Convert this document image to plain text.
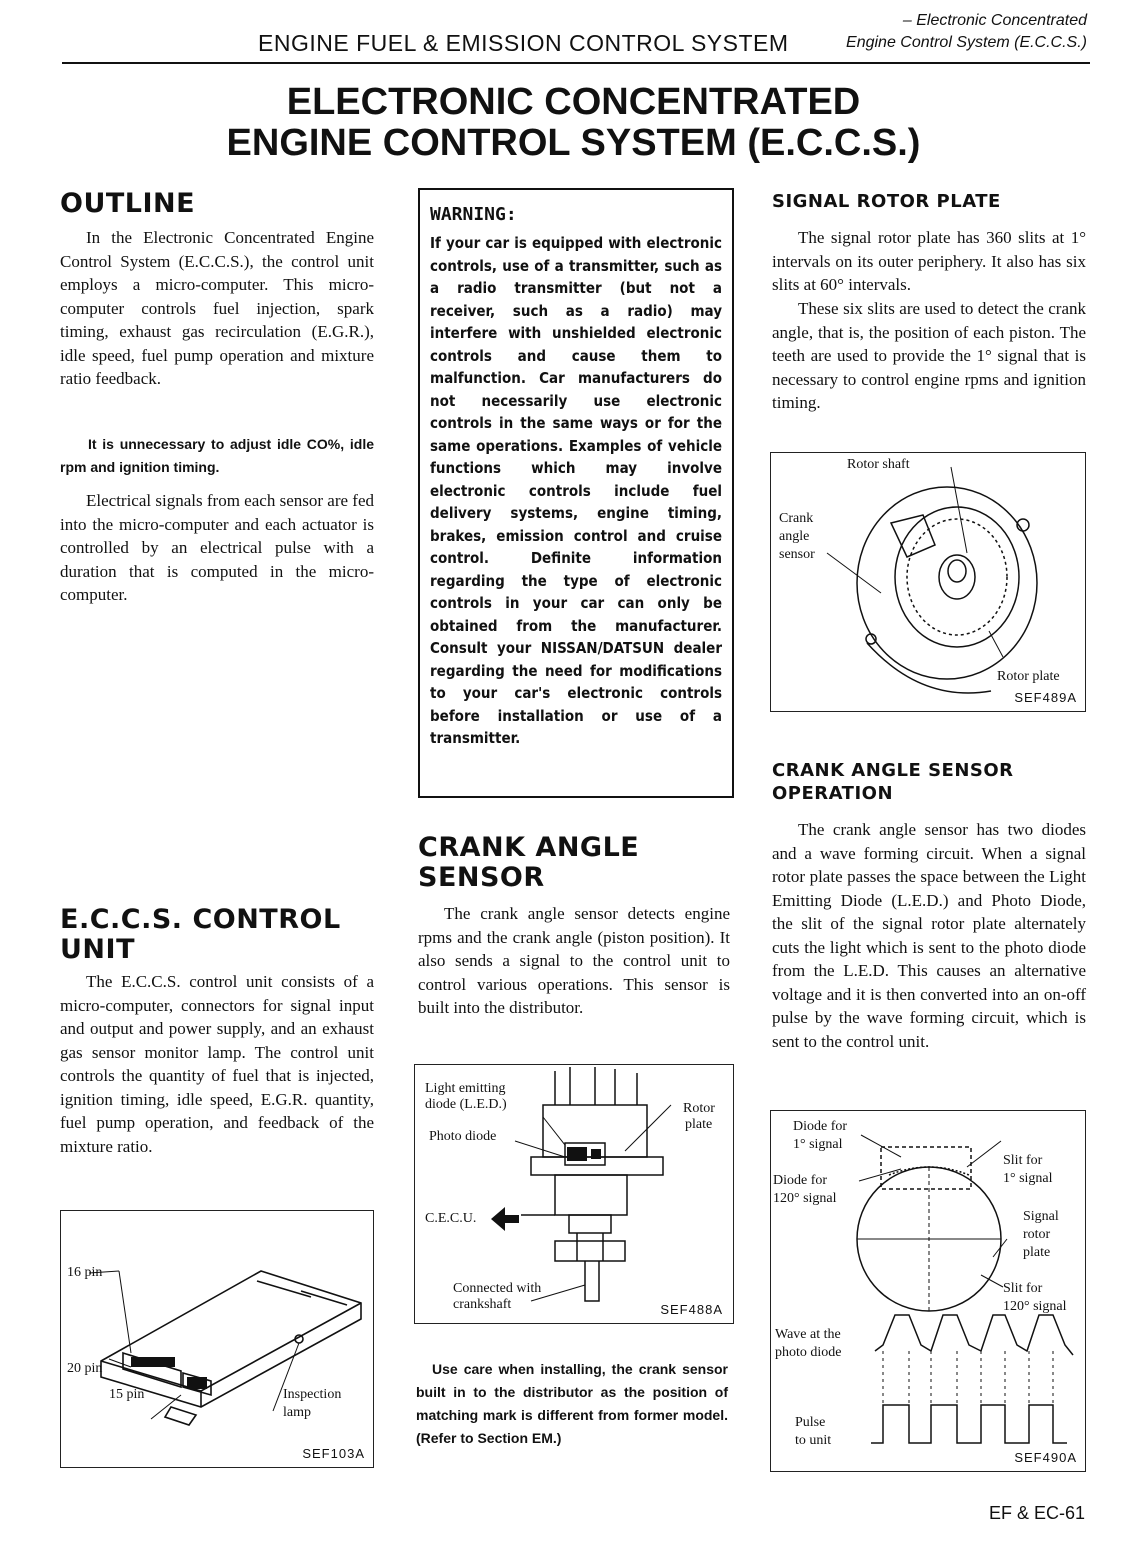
ENGINE FUEL & EMISSION CONTROL SYSTEM
– Electronic Concentrated
Engine Control System (E.C.C.S.)
ELECTRONIC CONCENTRATED
ENGINE CONTROL SYSTEM (E.C.C.S.)
OUTLINE

In the Electronic Concentrated Engine Control System (E.C.C.S.), the control unit employs a micro-computer. This micro-computer controls fuel injection, spark timing, exhaust gas recirculation (E.G.R.), idle speed, fuel pump operation and mixture ratio feedback.

It is unnecessary to adjust idle CO%, idle rpm and ignition timing.

Electrical signals from each sensor are fed into the micro-computer and each actuator is controlled by an electrical pulse with a duration that is computed in the micro-computer.

E.C.C.S. CONTROL
UNIT

The E.C.C.S. control unit consists of a micro-computer, connectors for signal input and output and power supply, and an exhaust gas sensor monitor lamp. The control unit controls the quantity of fuel that is injected, ignition timing, idle speed, E.G.R. quantity, fuel pump operation, and feedback of the mixture ratio.

16 pin
20 pin
15 pin	Inspection
lamp
SEF103A
WARNING:

If your car is equipped with electronic controls, use of a transmitter, such as a radio transmitter (but not a receiver, such as a radio) may interfere with unshielded electronic controls and cause them to malfunction. Car manufacturers do not necessarily use electronic controls in the same ways or for the same operations. Examples of vehicle functions which may involve electronic controls include fuel delivery systems, engine timing, brakes, emission control and cruise control. Definite information regarding the type of electronic controls in your car can only be obtained from the manufacturer. Consult your NISSAN/DATSUN dealer regarding the need for modifications to your car's electronic controls before installation or use of a transmitter.

CRANK ANGLE
SENSOR

The crank angle sensor detects engine rpms and the crank angle (piston position). It also sends a signal to the control unit to control various operations. This sensor is built into the distributor.

Light emitting
diode (L.E.D.)
Photo diode
Rotor
plate
C.E.C.U.
Connected with
crankshaft	SEF488A

Use care when installing, the crank sensor built in to the distributor as the position of matching mark is different from former model. (Refer to Section EM.)

SIGNAL ROTOR PLATE

The signal rotor plate has 360 slits at 1° intervals on its outer periphery. It also has six slits at 60° intervals.

These six slits are used to detect the crank angle, that is, the position of each piston. The teeth are used to provide the 1° signal that is necessary to control engine rpms and ignition timing.

Rotor shaft
Crank
angle
sensor
Rotor plate
SEF489A
CRANK ANGLE SENSOR
OPERATION

The crank angle sensor has two diodes and a wave forming circuit. When a signal rotor plate passes the space between the Light Emitting Diode (L.E.D.) and Photo Diode, the slit of the signal rotor plate alternately cuts the light which is sent to the photo diode from the L.E.D. This causes an alternative voltage and it is then converted into an on-off pulse by the wave forming circuit, which is sent to the control unit.

Diode for
1° signal
Diode for
120° signal
Slit for
1° signal
Signal
rotor
plate
Slit for
120° signal
Wave at the
photo diode
Pulse
to unit
SEF490A
EF & EC-61
